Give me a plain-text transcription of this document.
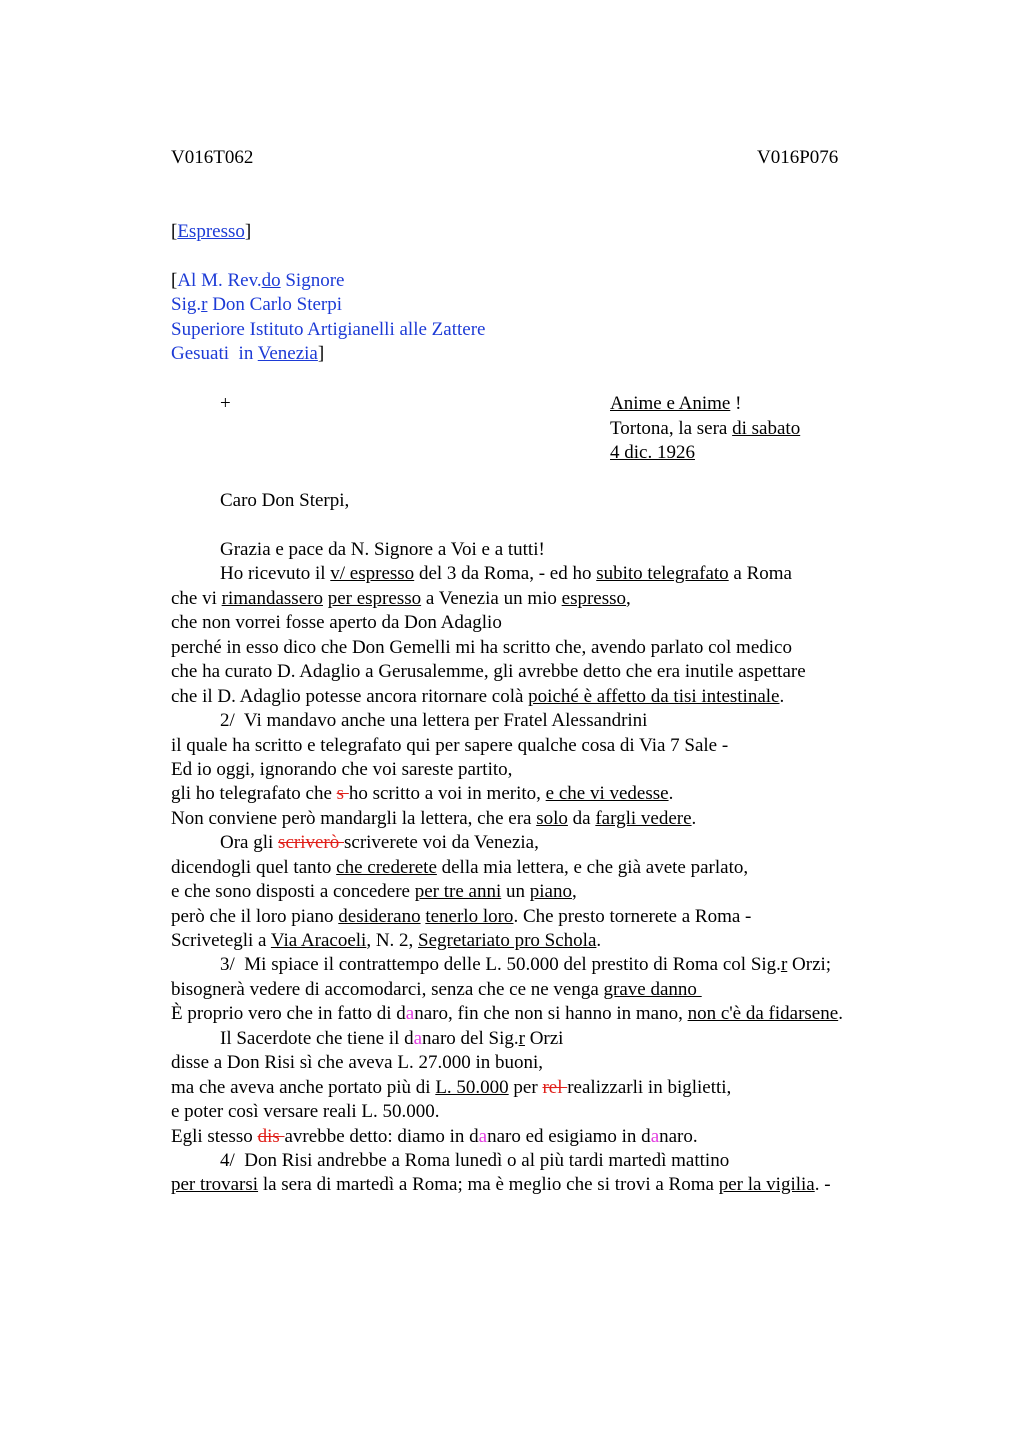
V016T062	V016P076
[Espresso]
[Al M. Rev.do Signore
Sig.r Don Carlo Sterpi
Superiore Istituto Artigianelli alle Zattere
Gesuati  in Venezia]
+	Anime e Anime !
Tortona, la sera di sabato
4 dic. 1926
Caro Don Sterpi,
Grazia e pace da N. Signore a Voi e a tutti!
Ho ricevuto il v/ espresso del 3 da Roma, - ed ho subito telegrafato a Roma
che vi rimandassero per espresso a Venezia un mio espresso,
che non vorrei fosse aperto da Don Adaglio
perché in esso dico che Don Gemelli mi ha scritto che, avendo parlato col medico
che ha curato D. Adaglio a Gerusalemme, gli avrebbe detto che era inutile aspettare
che il D. Adaglio potesse ancora ritornare colà poiché è affetto da tisi intestinale.
2/  Vi mandavo anche una lettera per Fratel Alessandrini
il quale ha scritto e telegrafato qui per sapere qualche cosa di Via 7 Sale -
Ed io oggi, ignorando che voi sareste partito,
gli ho telegrafato che s ho scritto a voi in merito, e che vi vedesse.
Non conviene però mandargli la lettera, che era solo da fargli vedere.
Ora gli scriverò scriverete voi da Venezia,
dicendogli quel tanto che crederete della mia lettera, e che già avete parlato,
e che sono disposti a concedere per tre anni un piano,
però che il loro piano desiderano tenerlo loro. Che presto tornerete a Roma -
Scrivetegli a Via Aracoeli, N. 2, Segretariato pro Schola.
3/  Mi spiace il contrattempo delle L. 50.000 del prestito di Roma col Sig.r Orzi;
bisognerà vedere di accomodarci, senza che ce ne venga grave danno
È proprio vero che in fatto di danaro, fin che non si hanno in mano, non c'è da fidarsene.
Il Sacerdote che tiene il danaro del Sig.r Orzi
disse a Don Risi sì che aveva L. 27.000 in buoni,
ma che aveva anche portato più di L. 50.000 per rel realizzarli in biglietti,
e poter così versare reali L. 50.000.
Egli stesso dis avrebbe detto: diamo in danaro ed esigiamo in danaro.
4/  Don Risi andrebbe a Roma lunedì o al più tardi martedì mattino
per trovarsi la sera di martedì a Roma; ma è meglio che si trovi a Roma per la vigilia. -
